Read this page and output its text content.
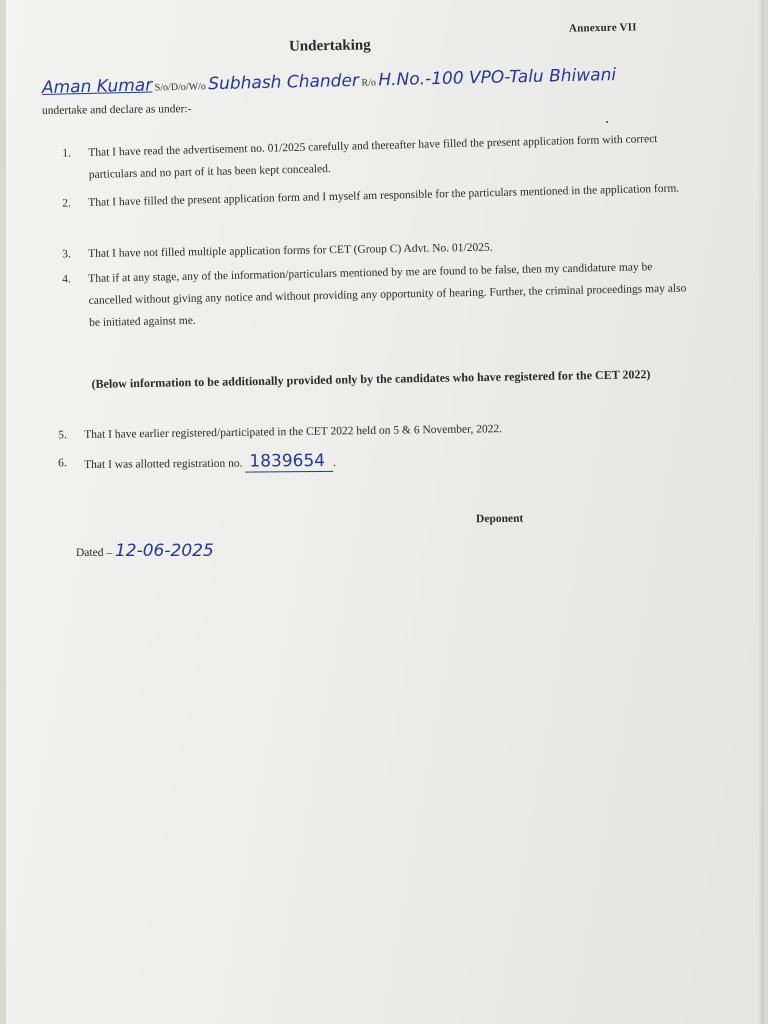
Annexure VII
Undertaking
Aman Kumar S/o/D/o/W/o Subhash Chander R/o H.No.-100 VPO-Talu Bhiwani
undertake and declare as under:-
1. That I have read the advertisement no. 01/2025 carefully and thereafter have filled the present application form with correct particulars and no part of it has been kept concealed.
2. That I have filled the present application form and I myself am responsible for the particulars mentioned in the application form.
3. That I have not filled multiple application forms for CET (Group C) Advt. No. 01/2025.
4. That if at any stage, any of the information/particulars mentioned by me are found to be false, then my candidature may be cancelled without giving any notice and without providing any opportunity of hearing. Further, the criminal proceedings may also be initiated against me.
(Below information to be additionally provided only by the candidates who have registered for the CET 2022)
5. That I have earlier registered/participated in the CET 2022 held on 5 & 6 November, 2022.
6. That I was allotted registration no. 1839654 .
Deponent
Dated – 12-06-2025
